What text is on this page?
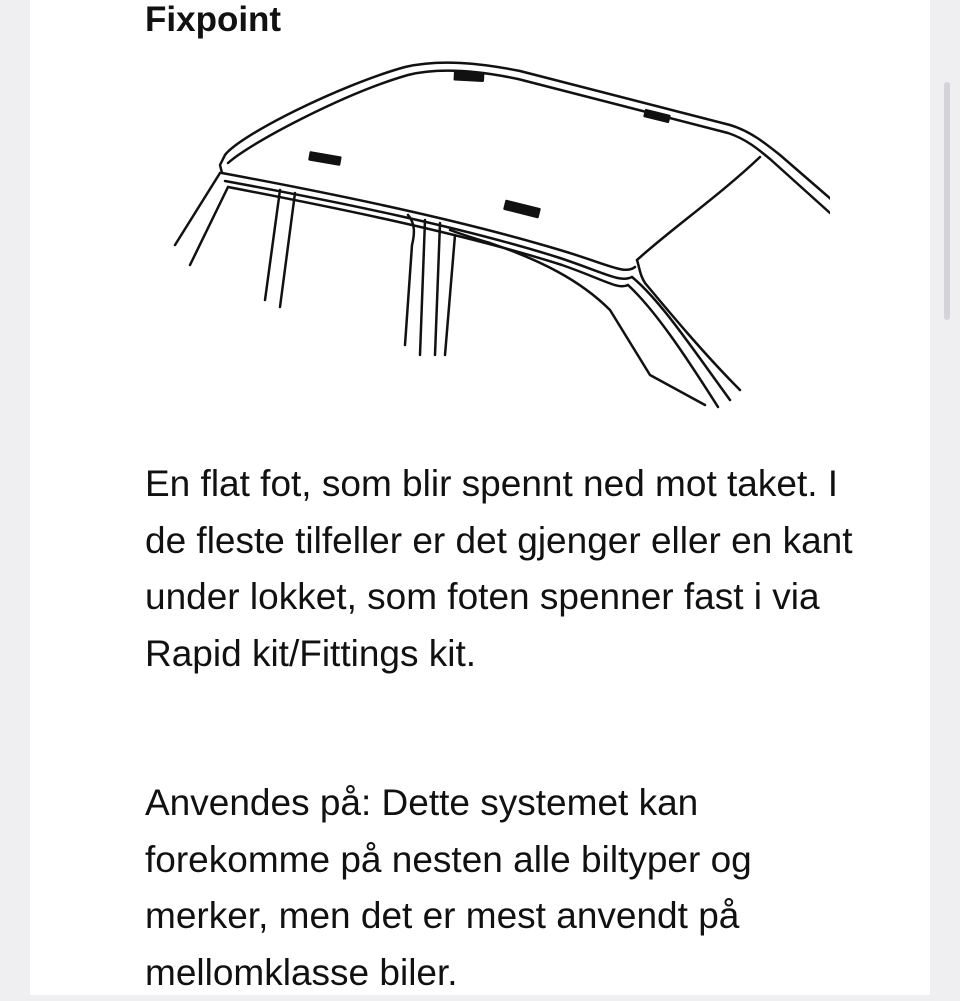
Fixpoint

En flat fot, som blir spennt ned mot taket. I de fleste tilfeller er det gjenger eller en kant under lokket, som foten spenner fast i via Rapid kit/Fittings kit.

Anvendes på: Dette systemet kan forekomme på nesten alle biltyper og merker, men det er mest anvendt på mellomklasse biler.
